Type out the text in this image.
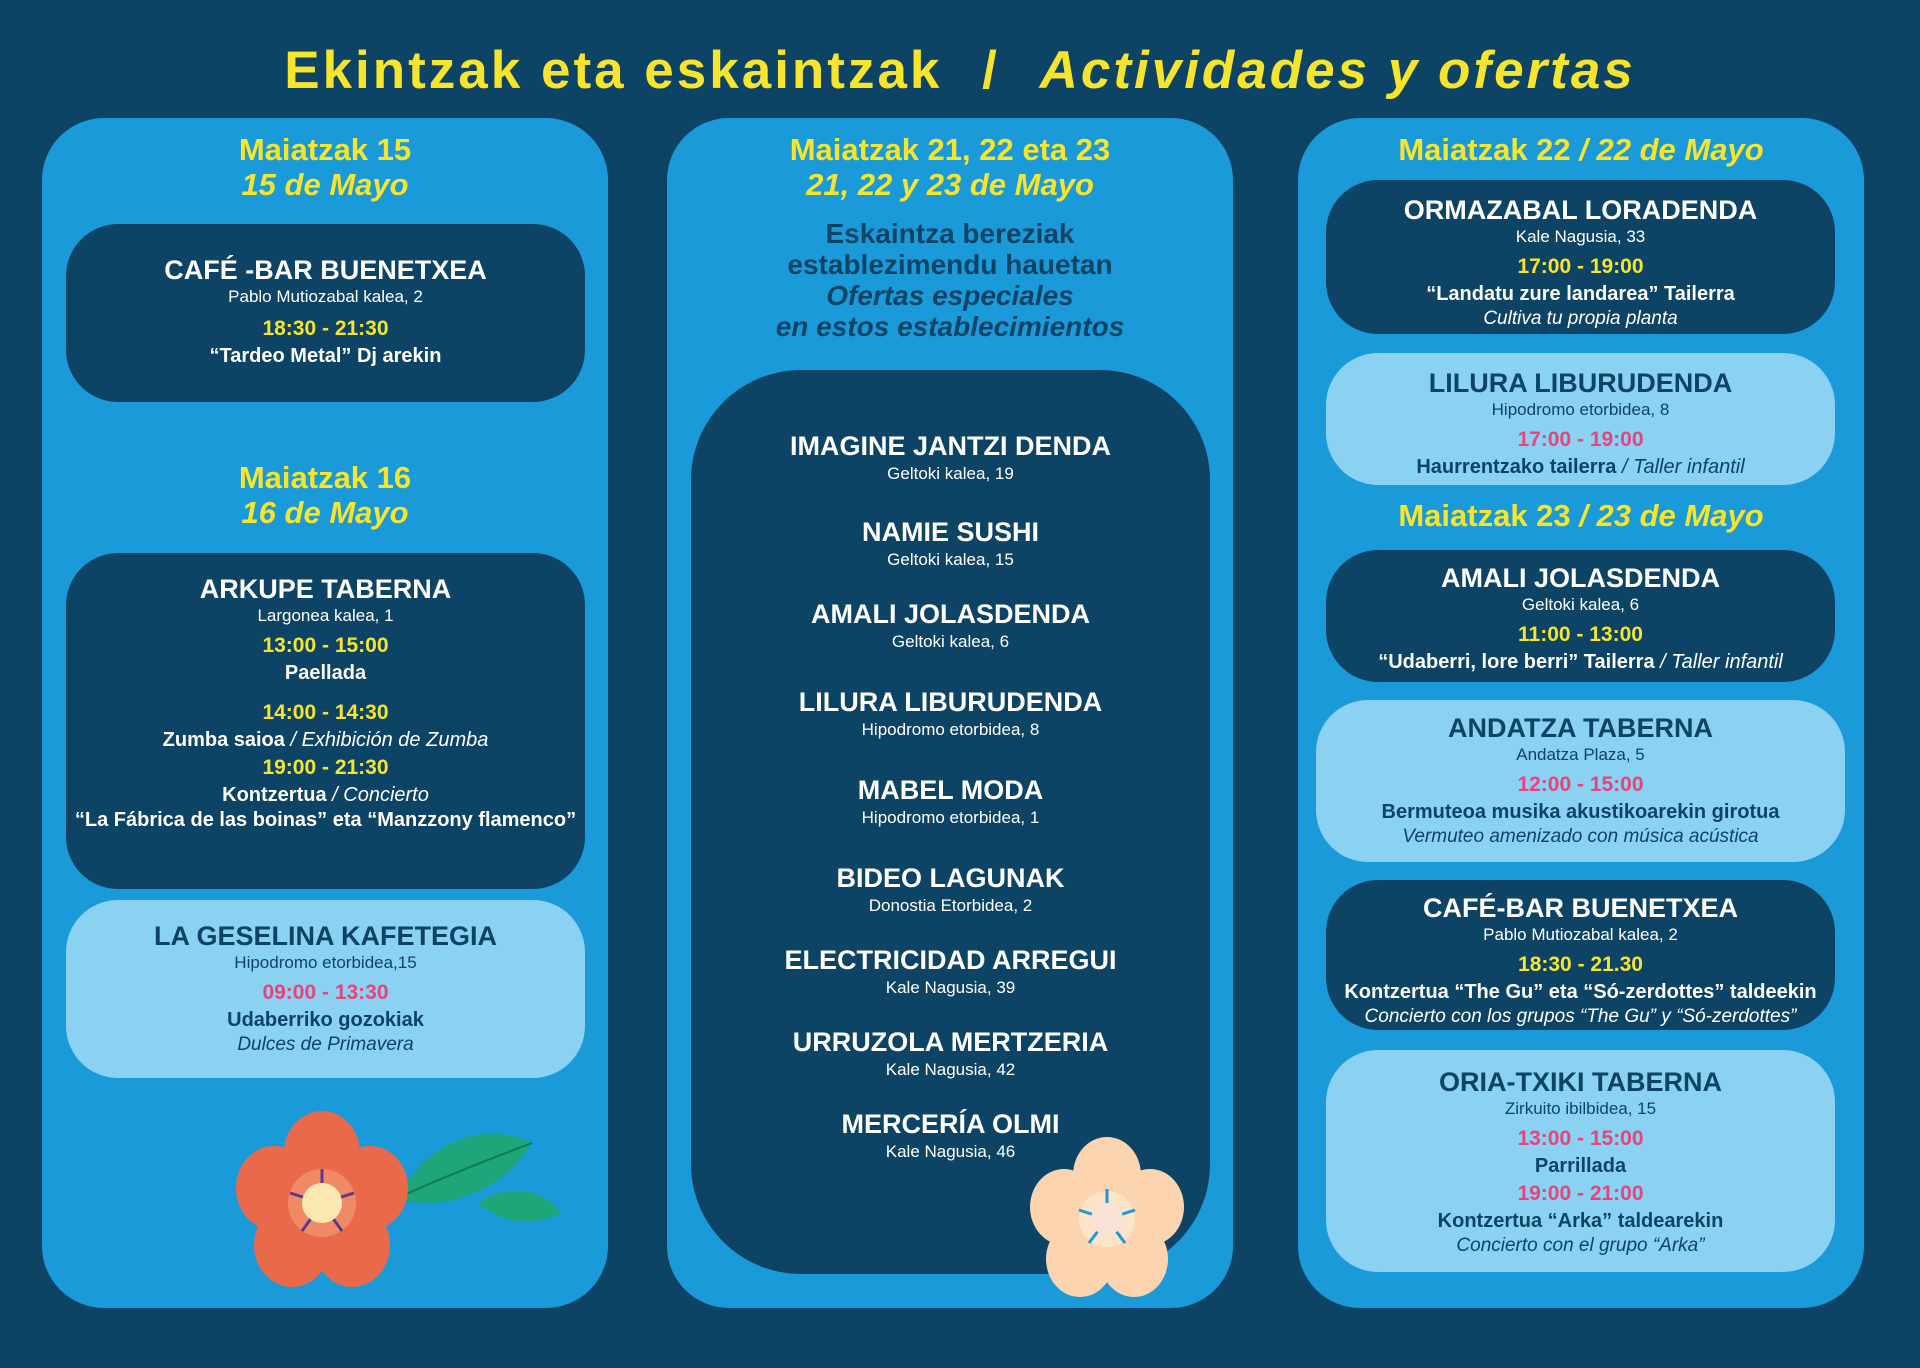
Ekintzak eta eskaintzak / Actividades y ofertas
Maiatzak 15
15 de Mayo
CAFÉ -BAR BUENETXEA
Pablo Mutiozabal kalea, 2
18:30 - 21:30
“Tardeo Metal” Dj arekin
Maiatzak 16
16 de Mayo
ARKUPE TABERNA
Largonea kalea, 1
13:00 - 15:00
Paellada
14:00 - 14:30
Zumba saioa / Exhibición de Zumba
19:00 - 21:30
Kontzertua / Concierto
“La Fábrica de las boinas” eta “Manzzony flamenco”
LA GESELINA KAFETEGIA
Hipodromo etorbidea,15
09:00 - 13:30
Udaberriko gozokiak
Dulces de Primavera
Maiatzak 21, 22 eta 23
21, 22 y 23 de Mayo
Eskaintza bereziak
establezimendu hauetan
Ofertas especiales
en estos establecimientos
IMAGINE JANTZI DENDA
Geltoki kalea, 19
NAMIE SUSHI
Geltoki kalea, 15
AMALI JOLASDENDA
Geltoki kalea, 6
LILURA LIBURUDENDA
Hipodromo etorbidea, 8
MABEL MODA
Hipodromo etorbidea, 1
BIDEO LAGUNAK
Donostia Etorbidea, 2
ELECTRICIDAD ARREGUI
Kale Nagusia, 39
URRUZOLA MERTZERIA
Kale Nagusia, 42
MERCERÍA OLMI
Kale Nagusia, 46
Maiatzak 22 / 22 de Mayo
ORMAZABAL LORADENDA
Kale Nagusia, 33
17:00 - 19:00
“Landatu zure landarea” Tailerra
Cultiva tu propia planta
LILURA LIBURUDENDA
Hipodromo etorbidea, 8
17:00 - 19:00
Haurrentzako tailerra / Taller infantil
Maiatzak 23 / 23 de Mayo
AMALI JOLASDENDA
Geltoki kalea, 6
11:00 - 13:00
“Udaberri, lore berri” Tailerra / Taller infantil
ANDATZA TABERNA
Andatza Plaza, 5
12:00 - 15:00
Bermuteoa musika akustikoarekin girotua
Vermuteo amenizado con música acústica
CAFÉ-BAR BUENETXEA
Pablo Mutiozabal kalea, 2
18:30 - 21.30
Kontzertua “The Gu” eta “Só-zerdottes” taldeekin
Concierto con los grupos “The Gu” y “Só-zerdottes”
ORIA-TXIKI TABERNA
Zirkuito ibilbidea, 15
13:00 - 15:00
Parrillada
19:00 - 21:00
Kontzertua “Arka” taldearekin
Concierto con el grupo “Arka”
